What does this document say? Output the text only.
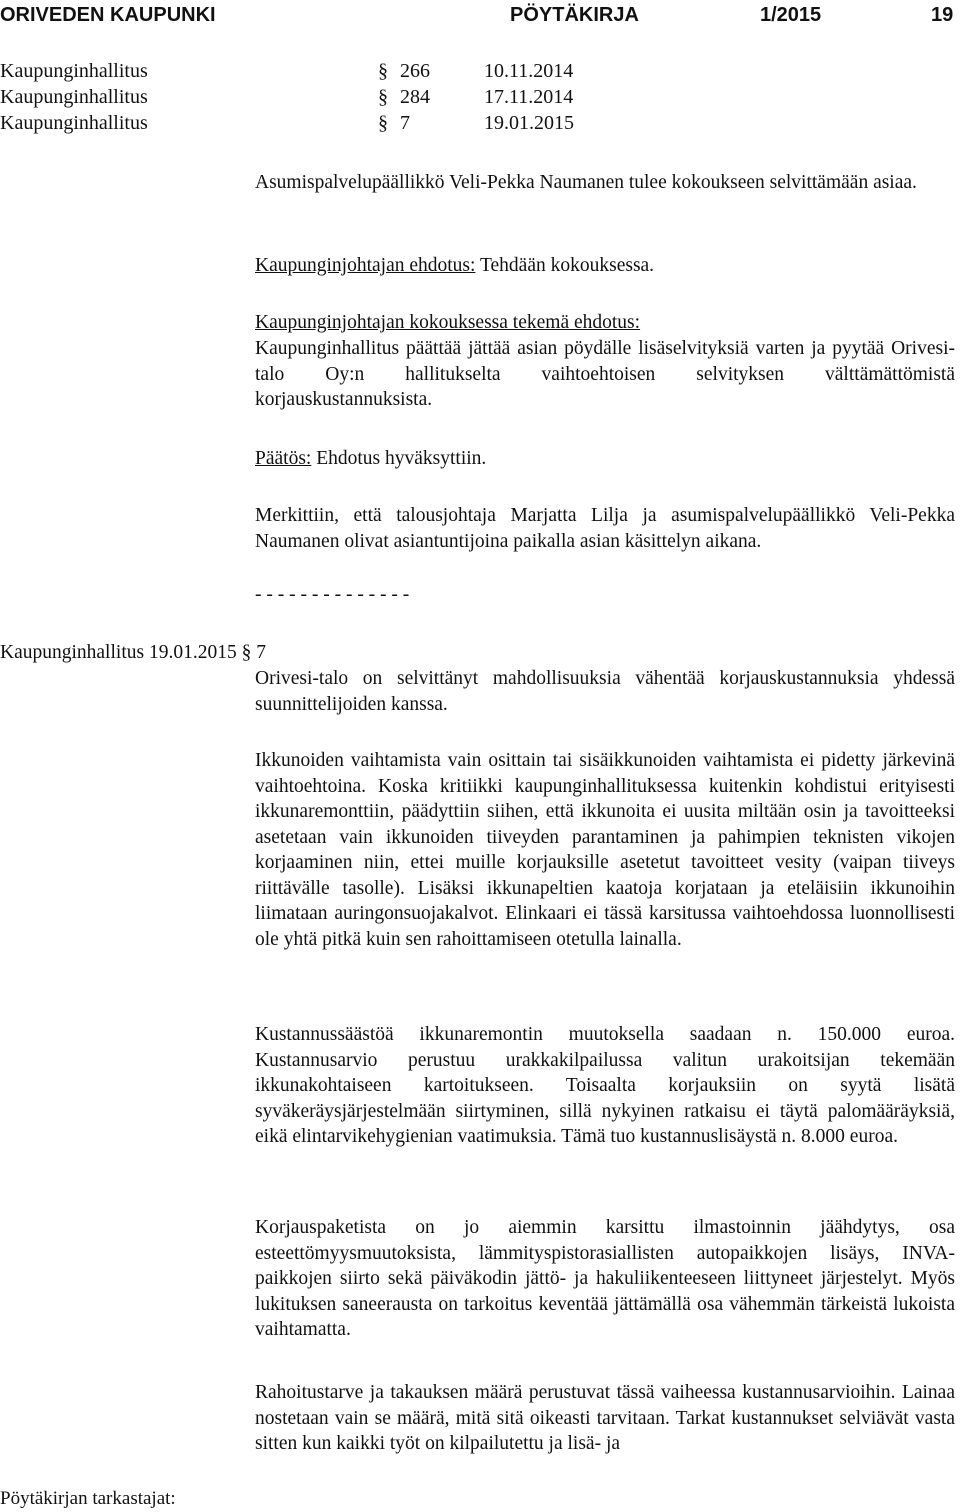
ORIVEDEN KAUPUNKI	PÖYTÄKIRJA	1/2015	19
Kaupunginhallitus	§ 266	10.11.2014
Kaupunginhallitus	§ 284	17.11.2014
Kaupunginhallitus	§ 7	19.01.2015

Asumispalvelupäällikkö Veli-Pekka Naumanen tulee kokoukseen selvittämään asiaa.

Kaupunginjohtajan ehdotus: Tehdään kokouksessa.
Kaupunginjohtajan kokouksessa tekemä ehdotus:

Kaupunginhallitus päättää jättää asian pöydälle lisäselvityksiä varten ja pyytää Orivesi-talo Oy:n hallitukselta vaihtoehtoisen selvityksen välttämättömistä korjauskustannuksista.

Päätös: Ehdotus hyväksyttiin.

Merkittiin, että talousjohtaja Marjatta Lilja ja asumispalvelupäällikkö Veli-Pekka Naumanen olivat asiantuntijoina paikalla asian käsittelyn aikana.

- - - - - - - - - - - - - -
Kaupunginhallitus 19.01.2015 § 7

Orivesi-talo on selvittänyt mahdollisuuksia vähentää korjauskustannuksia yhdessä suunnittelijoiden kanssa.

Ikkunoiden vaihtamista vain osittain tai sisäikkunoiden vaihtamista ei pidetty järkevinä vaihtoehtoina. Koska kritiikki kaupunginhallituksessa kuitenkin kohdistui erityisesti ikkunaremonttiin, päädyttiin siihen, että ikkunoita ei uusita miltään osin ja tavoitteeksi asetetaan vain ikkunoiden tiiveyden parantaminen ja pahimpien teknisten vikojen korjaaminen niin, ettei muille korjauksille asetetut tavoitteet vesity (vaipan tiiveys riittävälle tasolle). Lisäksi ikkunapeltien kaatoja korjataan ja eteläisiin ikkunoihin liimataan auringonsuojakalvot. Elinkaari ei tässä karsitussa vaihtoehdossa luonnollisesti ole yhtä pitkä kuin sen rahoittamiseen otetulla lainalla.

Kustannussäästöä ikkunaremontin muutoksella saadaan n. 150.000 euroa. Kustannusarvio perustuu urakkakilpailussa valitun urakoitsijan tekemään ikkunakohtaiseen kartoitukseen. Toisaalta korjauksiin on syytä lisätä syväkeräysjärjestelmään siirtyminen, sillä nykyinen ratkaisu ei täytä palomääräyksiä, eikä elintarvikehygienian vaatimuksia. Tämä tuo kustannuslisäystä n. 8.000 euroa.

Korjauspaketista on jo aiemmin karsittu ilmastoinnin jäähdytys, osa esteettömyysmuutoksista, lämmityspistorasiallisten autopaikkojen lisäys, INVA-paikkojen siirto sekä päiväkodin jättö- ja hakuliikenteeseen liittyneet järjestelyt. Myös lukituksen saneerausta on tarkoitus keventää jättämällä osa vähemmän tärkeistä lukoista vaihtamatta.

Rahoitustarve ja takauksen määrä perustuvat tässä vaiheessa kustannusarvioihin. Lainaa nostetaan vain se määrä, mitä sitä oikeasti tarvitaan. Tarkat kustannukset selviävät vasta sitten kun kaikki työt on kilpailutettu ja lisä- ja

Pöytäkirjan tarkastajat:
